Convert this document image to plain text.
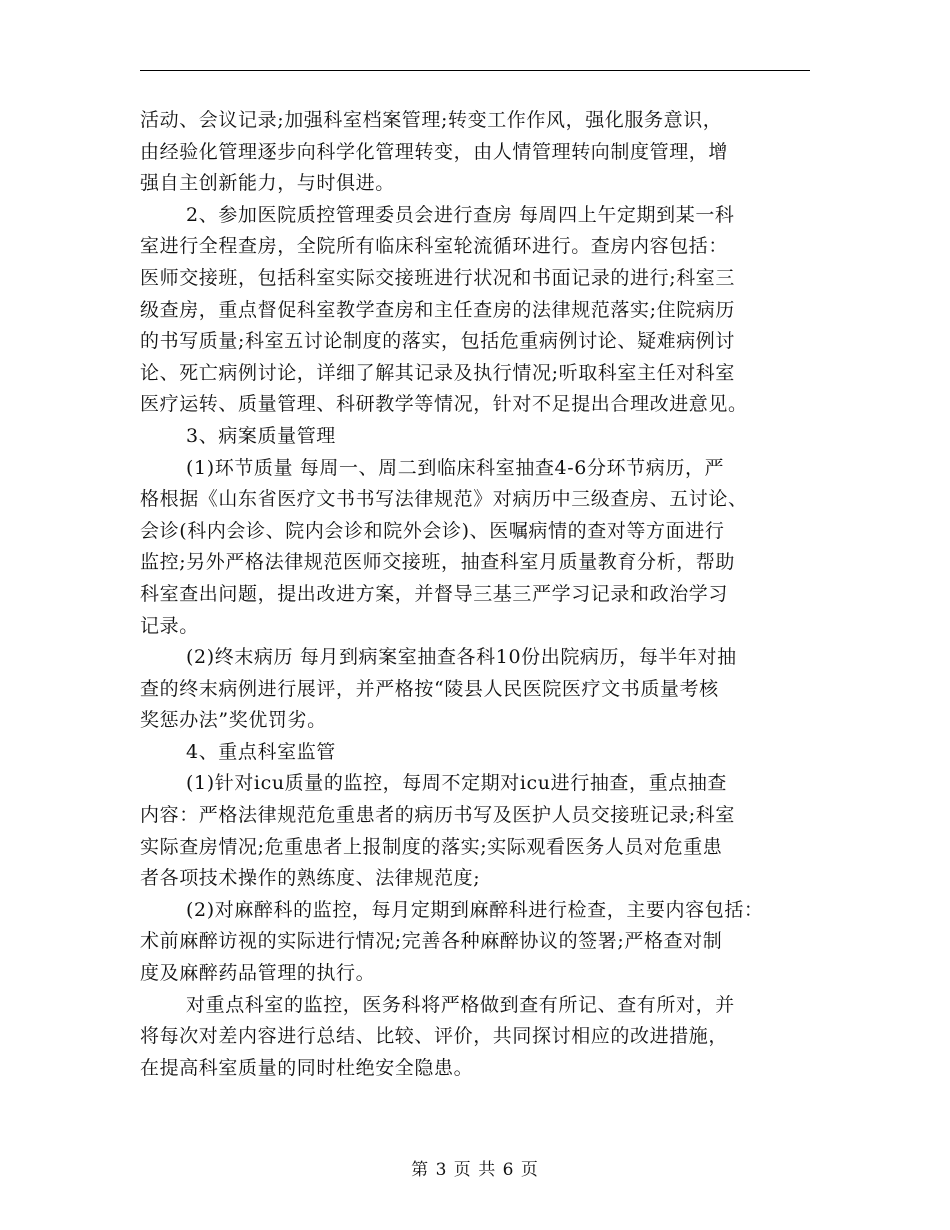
活动、会议记录;加强科室档案管理;转变工作作风，强化服务意识，
由经验化管理逐步向科学化管理转变，由人情管理转向制度管理，增
强自主创新能力，与时俱进。

2、参加医院质控管理委员会进行查房 每周四上午定期到某一科
室进行全程查房，全院所有临床科室轮流循环进行。查房内容包括：
医师交接班，包括科室实际交接班进行状况和书面记录的进行;科室三
级查房，重点督促科室教学查房和主任查房的法律规范落实;住院病历
的书写质量;科室五讨论制度的落实，包括危重病例讨论、疑难病例讨
论、死亡病例讨论，详细了解其记录及执行情况;听取科室主任对科室
医疗运转、质量管理、科研教学等情况，针对不足提出合理改进意见。

3、病案质量管理

(1)环节质量 每周一、周二到临床科室抽查4-6分环节病历，严
格根据《山东省医疗文书书写法律规范》对病历中三级查房、五讨论、
会诊(科内会诊、院内会诊和院外会诊)、医嘱病情的查对等方面进行
监控;另外严格法律规范医师交接班，抽查科室月质量教育分析，帮助
科室查出问题，提出改进方案，并督导三基三严学习记录和政治学习
记录。

(2)终末病历 每月到病案室抽查各科10份出院病历，每半年对抽
查的终末病例进行展评，并严格按“陵县人民医院医疗文书质量考核
奖惩办法”奖优罚劣。

4、重点科室监管

(1)针对icu质量的监控，每周不定期对icu进行抽查，重点抽查
内容：严格法律规范危重患者的病历书写及医护人员交接班记录;科室
实际查房情况;危重患者上报制度的落实;实际观看医务人员对危重患
者各项技术操作的熟练度、法律规范度;

(2)对麻醉科的监控，每月定期到麻醉科进行检查，主要内容包括：
术前麻醉访视的实际进行情况;完善各种麻醉协议的签署;严格查对制
度及麻醉药品管理的执行。

对重点科室的监控，医务科将严格做到查有所记、查有所对，并
将每次对差内容进行总结、比较、评价，共同探讨相应的改进措施，
在提高科室质量的同时杜绝安全隐患。

第 3 页 共 6 页
